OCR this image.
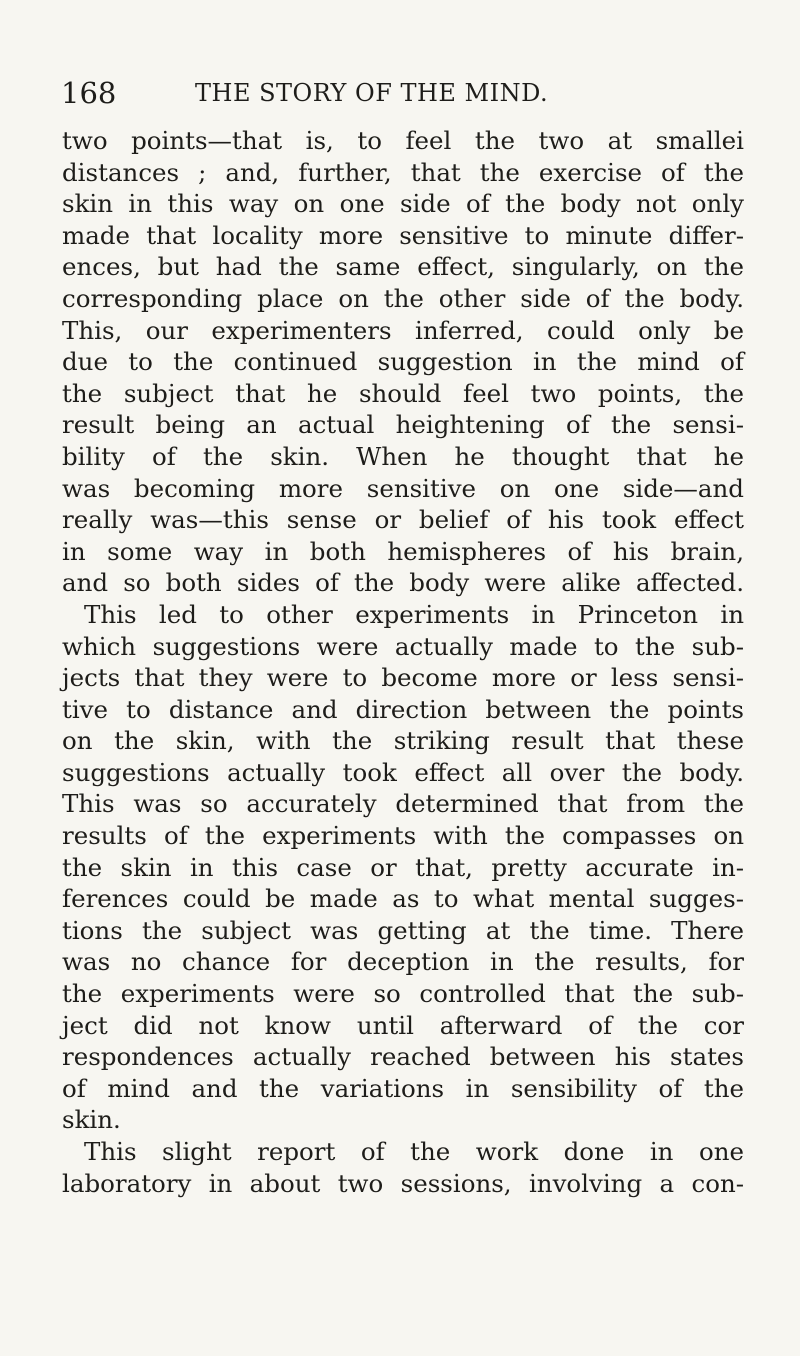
168	THE STORY OF THE MIND.
two points—that is, to feel the two at smallei
distances ; and, further, that the exercise of the
skin in this way on one side of the body not only
made that locality more sensitive to minute differ-
ences, but had the same effect, singularly, on the
corresponding place on the other side of the body.
This, our experimenters inferred, could only be
due to the continued suggestion in the mind of
the subject that he should feel two points, the
result being an actual heightening of the sensi-
bility of the skin. When he thought that he
was becoming more sensitive on one side—and
really was—this sense or belief of his took effect
in some way in both hemispheres of his brain,
and so both sides of the body were alike affected.
This led to other experiments in Princeton in
which suggestions were actually made to the sub-
jects that they were to become more or less sensi-
tive to distance and direction between the points
on the skin, with the striking result that these
suggestions actually took effect all over the body.
This was so accurately determined that from the
results of the experiments with the compasses on
the skin in this case or that, pretty accurate in-
ferences could be made as to what mental sugges-
tions the subject was getting at the time. There
was no chance for deception in the results, for
the experiments were so controlled that the sub-
ject did not know until afterward of the cor
respondences actually reached between his states
of mind and the variations in sensibility of the
skin.
This slight report of the work done in one
laboratory in about two sessions, involving a con-
